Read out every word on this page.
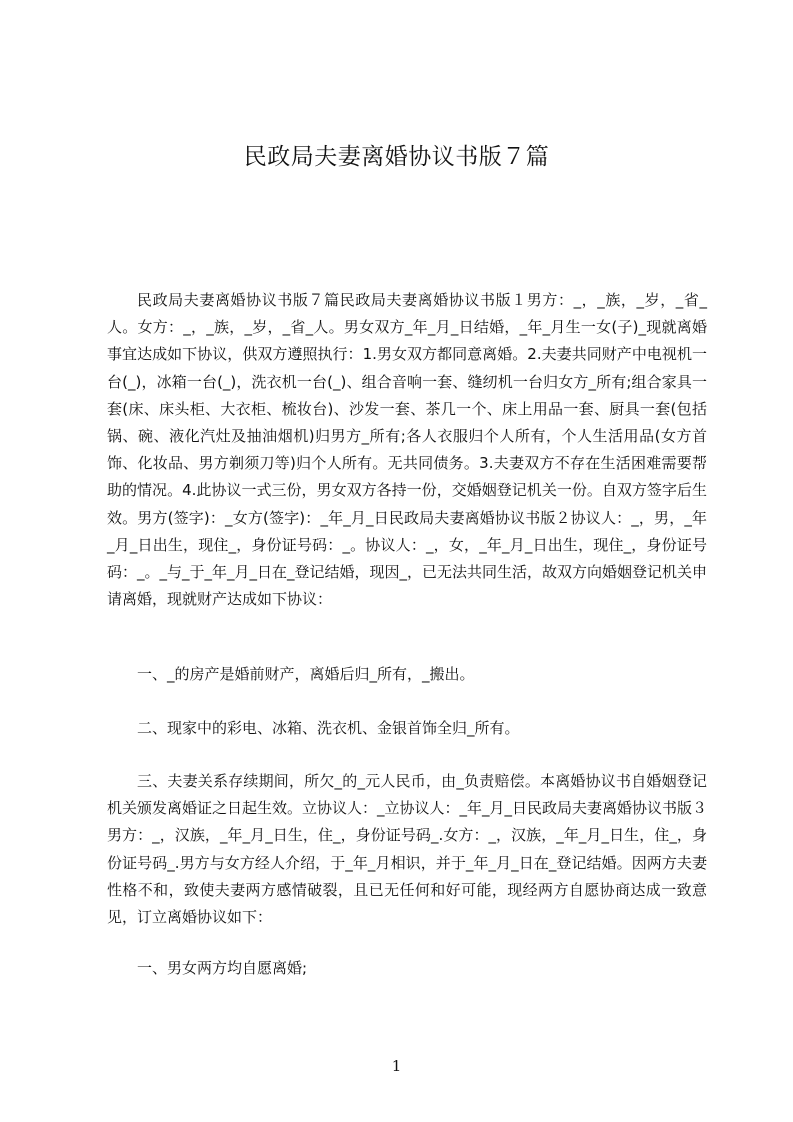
民政局夫妻离婚协议书版７篇

民政局夫妻离婚协议书版７篇民政局夫妻离婚协议书版１男方：_，_族，_岁，_省_人。女方：_，_族，_岁，_省_人。男女双方_年_月_日结婚，_年_月生一女(子)_现就离婚事宜达成如下协议，供双方遵照执行：1.男女双方都同意离婚。2.夫妻共同财产中电视机一台(_)，冰箱一台(_)，洗衣机一台(_)、组合音响一套、缝纫机一台归女方_所有;组合家具一套(床、床头柜、大衣柜、梳妆台)、沙发一套、茶几一个、床上用品一套、厨具一套(包括锅、碗、液化汽灶及抽油烟机)归男方_所有;各人衣服归个人所有，个人生活用品(女方首饰、化妆品、男方剃须刀等)归个人所有。无共同债务。3.夫妻双方不存在生活困难需要帮助的情况。4.此协议一式三份，男女双方各持一份，交婚姻登记机关一份。自双方签字后生效。男方(签字)：_女方(签字)：_年_月_日民政局夫妻离婚协议书版２协议人：_，男，_年_月_日出生，现住_，身份证号码：_。协议人：_，女，_年_月_日出生，现住_，身份证号码：_。_与_于_年_月_日在_登记结婚，现因_，已无法共同生活，故双方向婚姻登记机关申请离婚，现就财产达成如下协议：

一、_的房产是婚前财产，离婚后归_所有，_搬出。

二、现家中的彩电、冰箱、洗衣机、金银首饰全归_所有。

三、夫妻关系存续期间，所欠_的_元人民币，由_负责赔偿。本离婚协议书自婚姻登记机关颁发离婚证之日起生效。立协议人：_立协议人：_年_月_日民政局夫妻离婚协议书版３男方：_，汉族，_年_月_日生，住_，身份证号码_.女方：_，汉族，_年_月_日生，住_，身份证号码_.男方与女方经人介绍，于_年_月相识，并于_年_月_日在_登记结婚。因两方夫妻性格不和，致使夫妻两方感情破裂，且已无任何和好可能，现经两方自愿协商达成一致意见，订立离婚协议如下：

一、男女两方均自愿离婚;

1
